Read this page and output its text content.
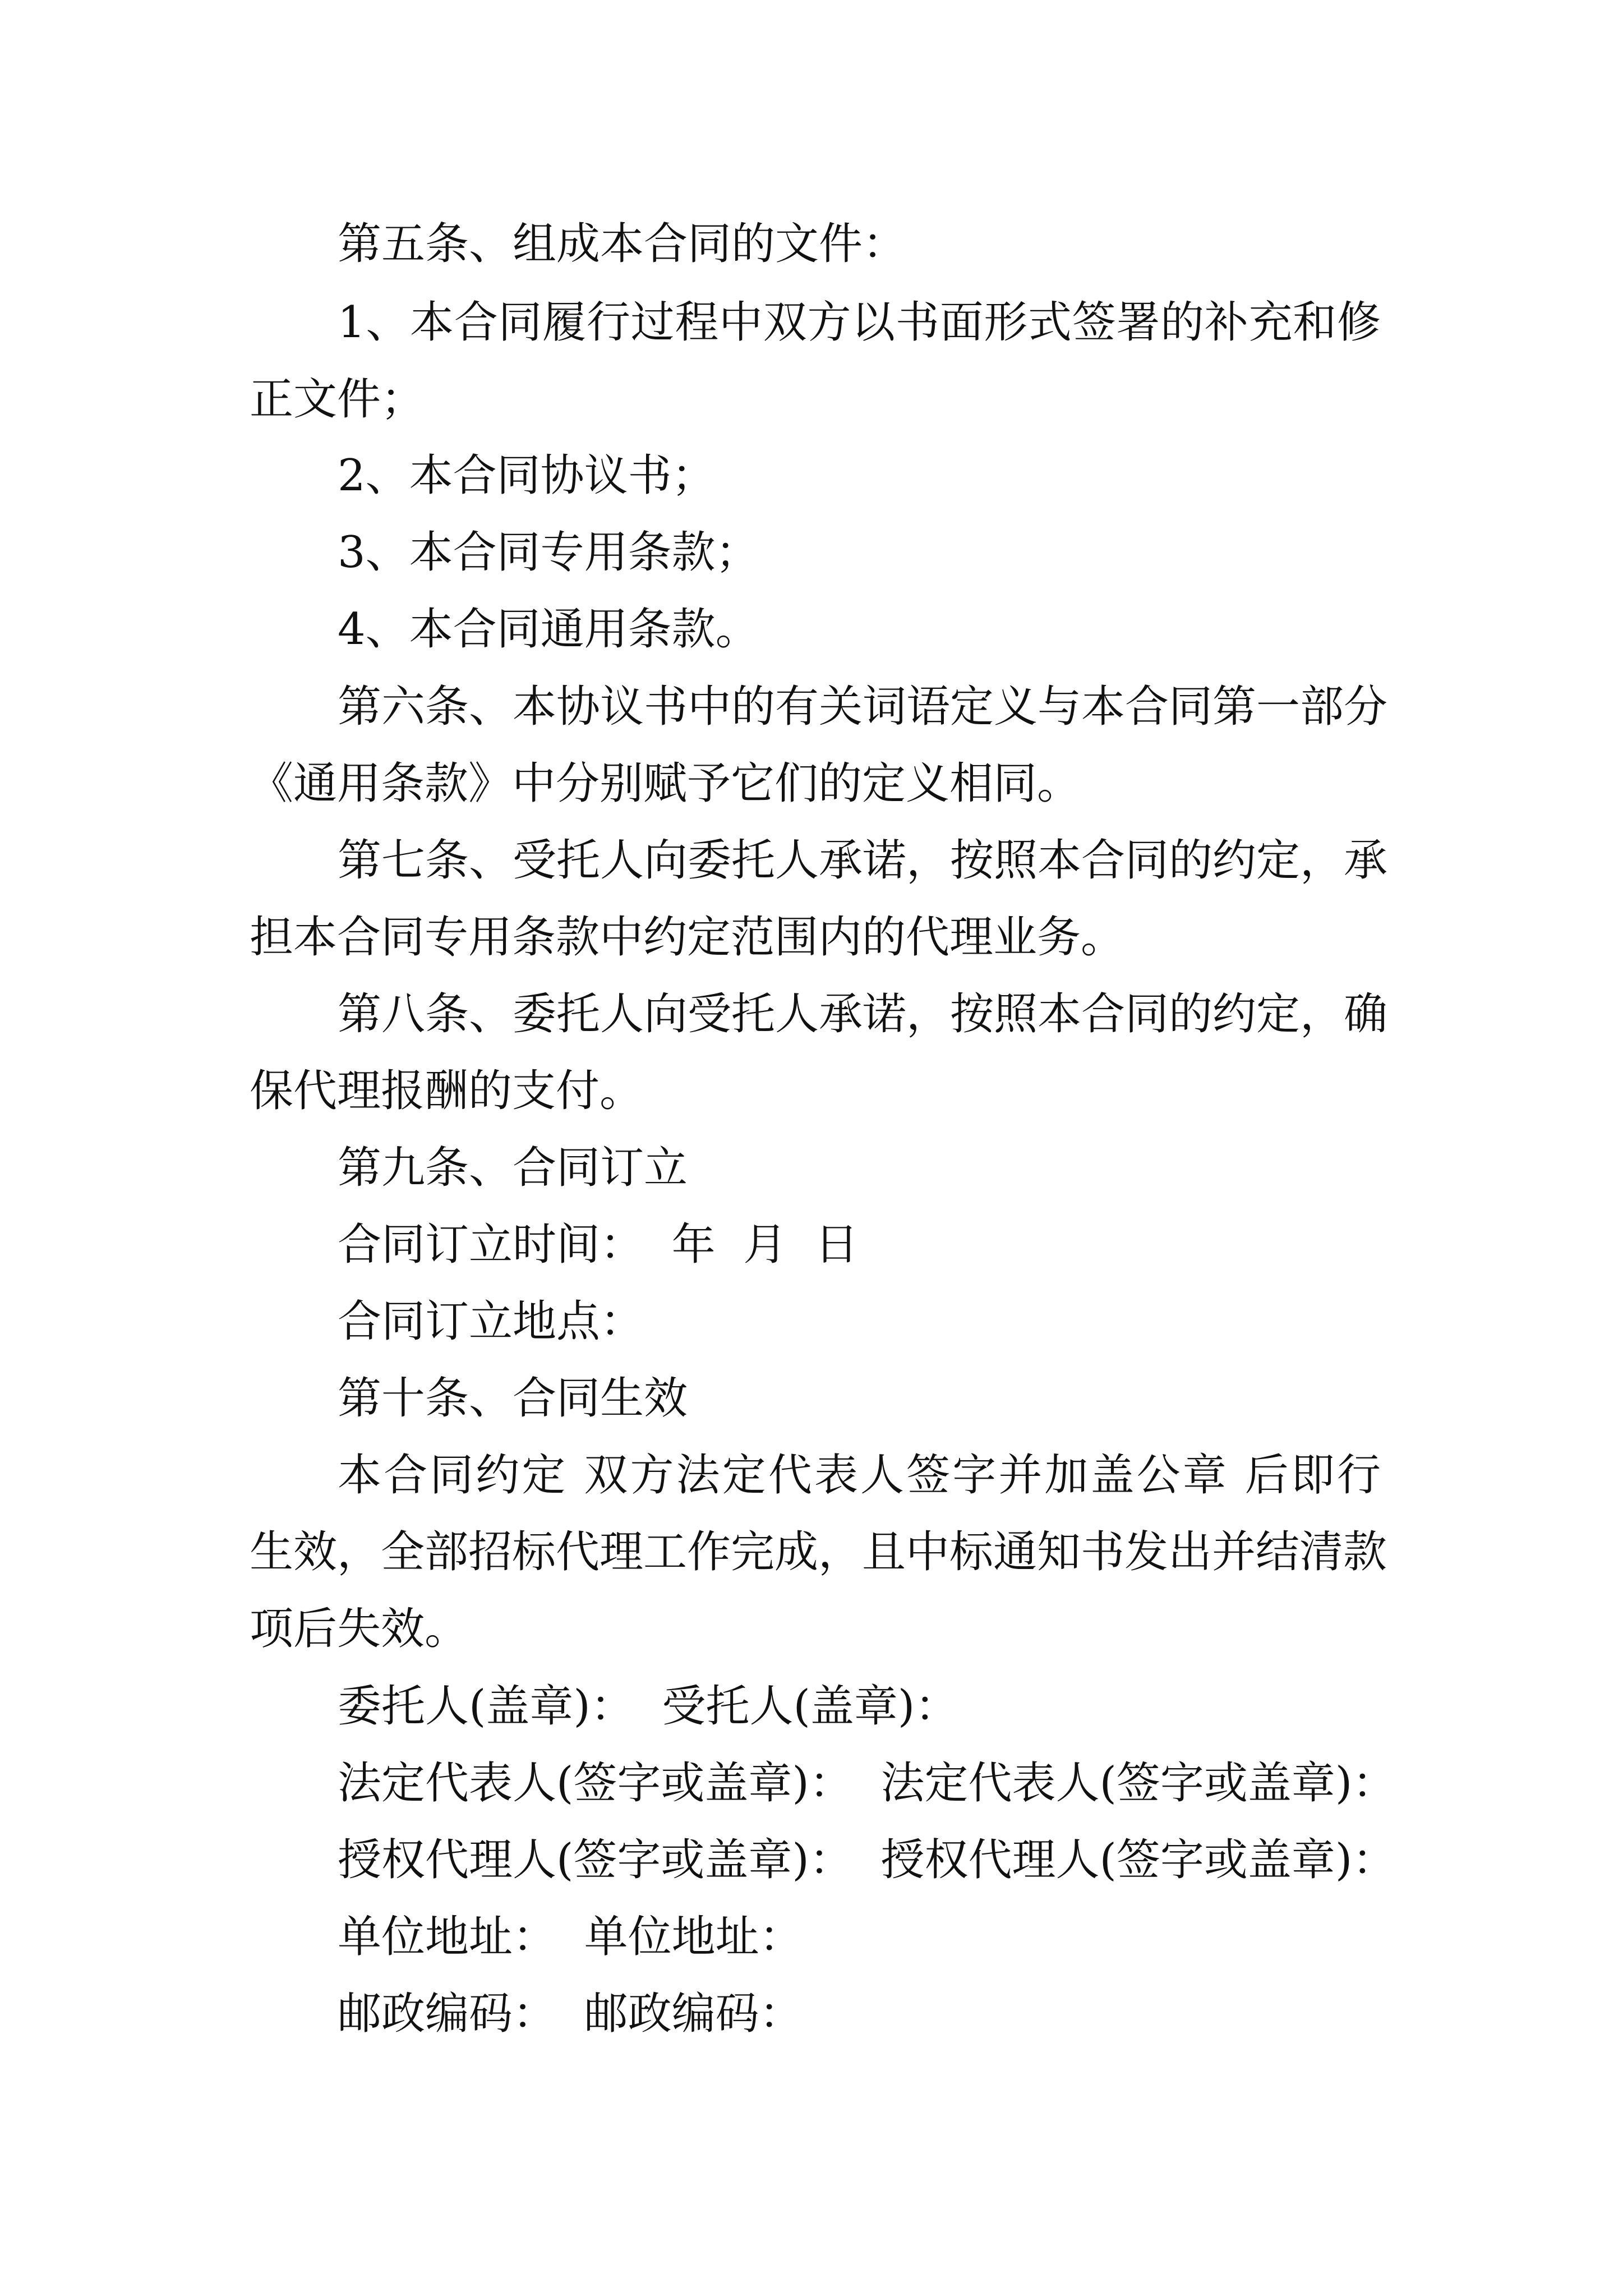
第五条、组成本合同的文件：
1、本合同履行过程中双方以书面形式签署的补充和修
正文件；
2、本合同协议书；
3、本合同专用条款；
4、本合同通用条款。
第六条、本协议书中的有关词语定义与本合同第一部分
《通用条款》中分别赋予它们的定义相同。
第七条、受托人向委托人承诺，按照本合同的约定，承
担本合同专用条款中约定范围内的代理业务。
第八条、委托人向受托人承诺，按照本合同的约定，确
保代理报酬的支付。
第九条、合同订立
合同订立时间：  年  月  日
合同订立地点：
第十条、合同生效
本合同约定 双方法定代表人签字并加盖公章 后即行
生效，全部招标代理工作完成，且中标通知书发出并结清款
项后失效。
委托人(盖章)：  受托人(盖章)：
法定代表人(签字或盖章)：  法定代表人(签字或盖章)：
授权代理人(签字或盖章)：  授权代理人(签字或盖章)：
单位地址：  单位地址：
邮政编码：  邮政编码：
